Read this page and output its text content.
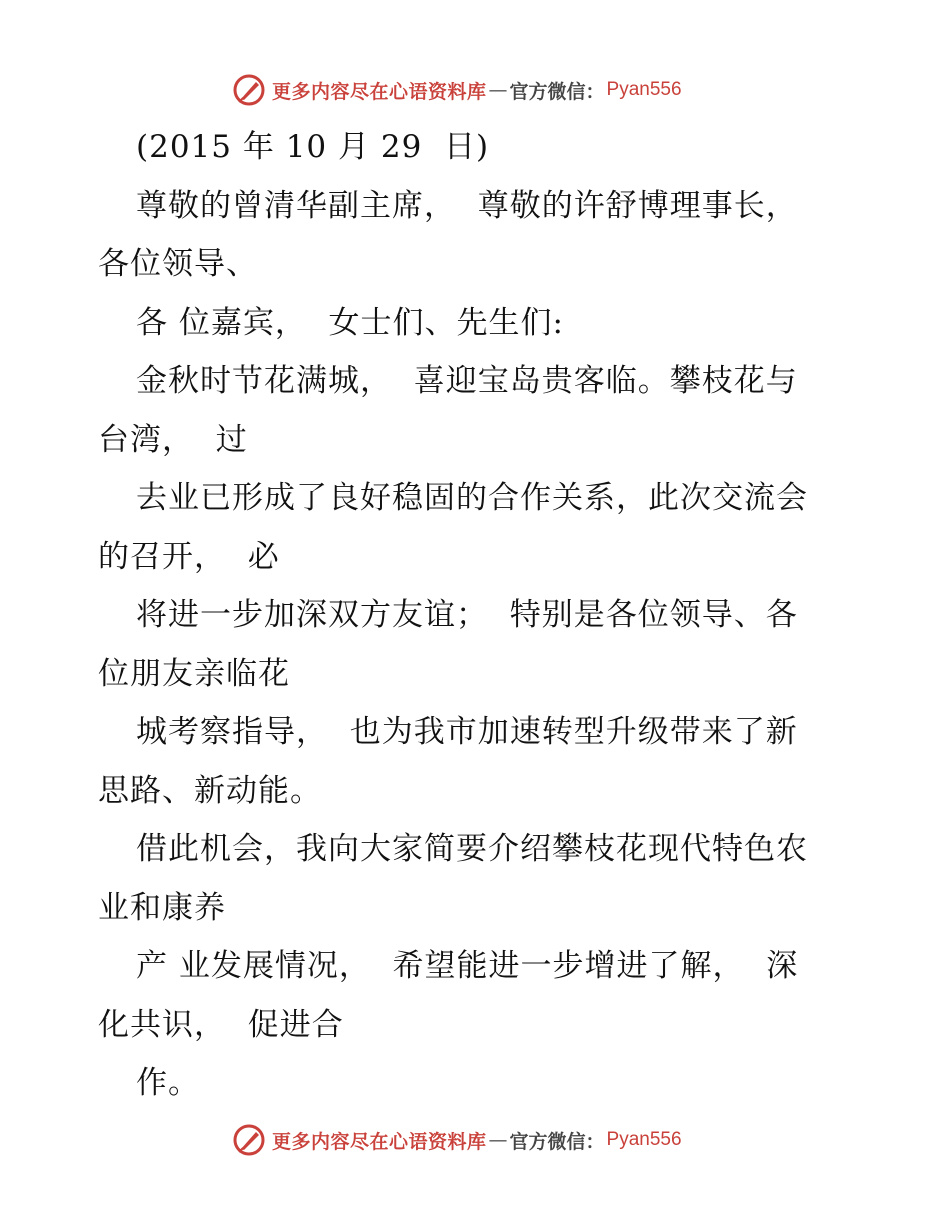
更多内容尽在心语资料库 — 官方微信： Pyan556
(2015 年 10 月 29  日)
尊敬的曾清华副主席，  尊敬的许舒博理事长，
各位领导、
各 位嘉宾，  女士们、先生们:
金秋时节花满城，  喜迎宝岛贵客临。攀枝花与
台湾，  过
去业已形成了良好稳固的合作关系，此次交流会
的召开，  必
将进一步加深双方友谊；  特别是各位领导、各
位朋友亲临花
城考察指导，  也为我市加速转型升级带来了新
思路、新动能。
借此机会，我向大家简要介绍攀枝花现代特色农
业和康养
产 业发展情况，  希望能进一步增进了解，  深
化共识，  促进合
作。
更多内容尽在心语资料库 — 官方微信： Pyan556
